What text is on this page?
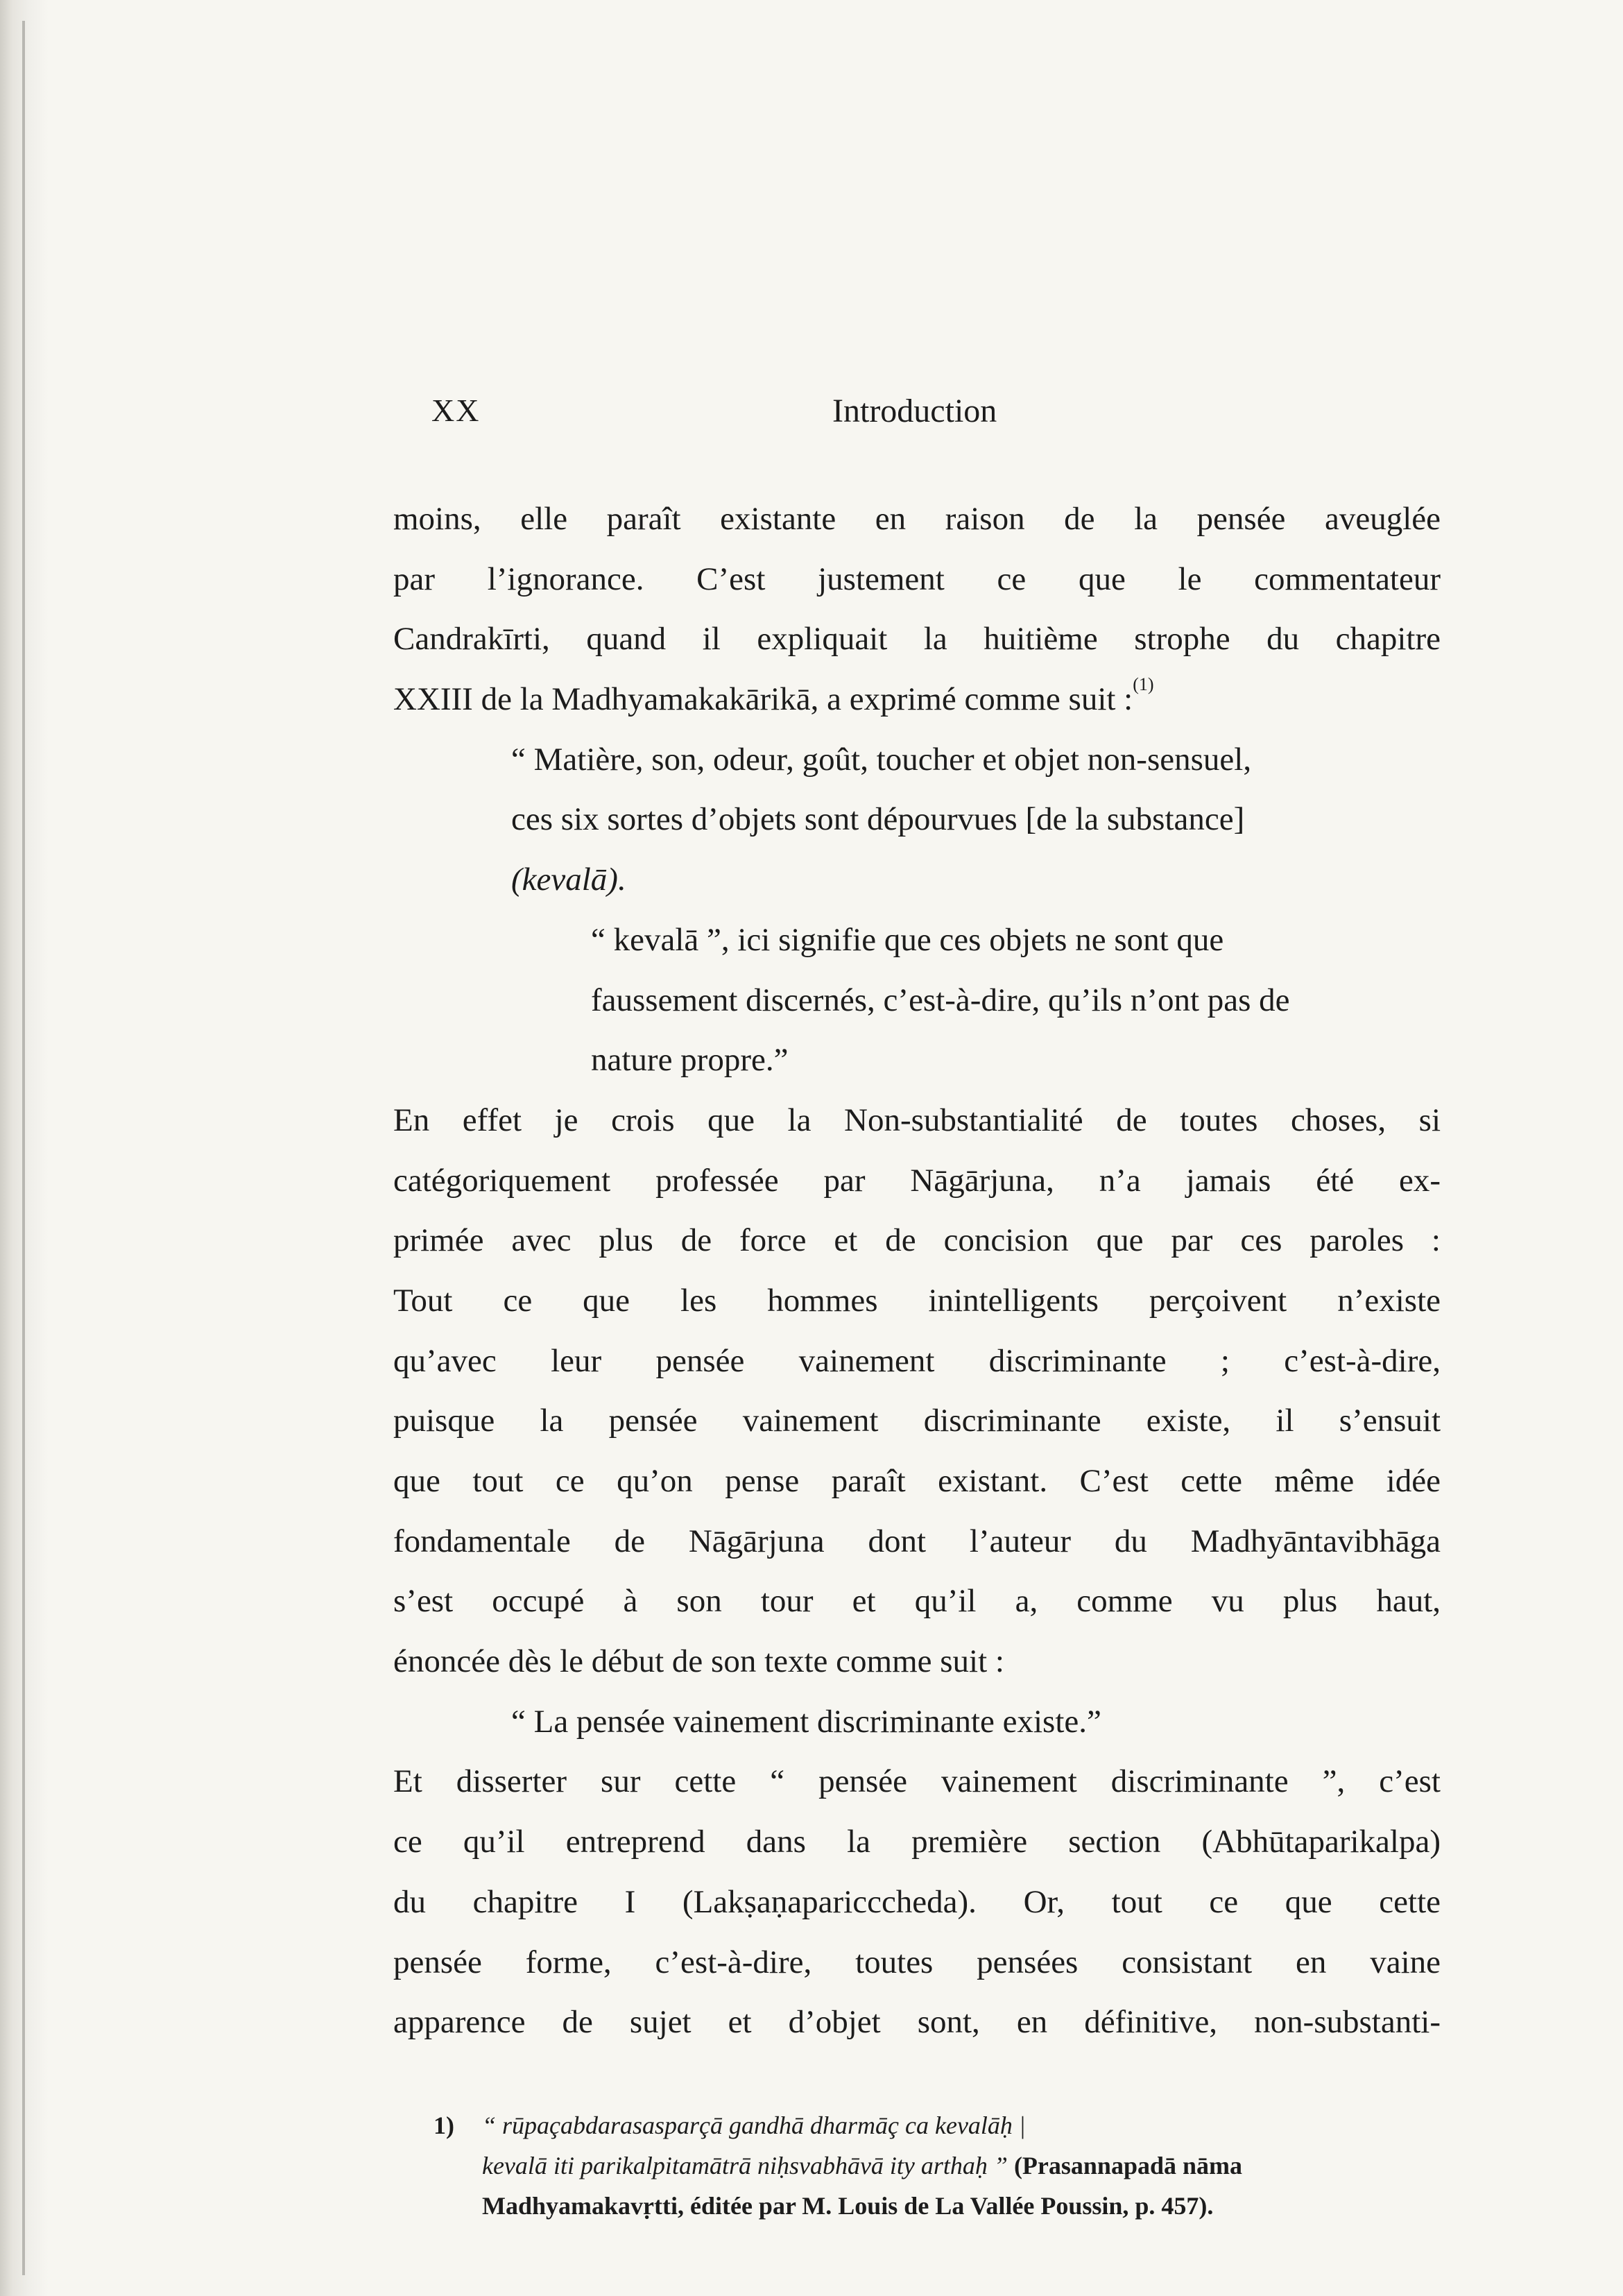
XX	Introduction
moins, elle paraît existante en raison de la pensée aveuglée
par l’ignorance. C’est justement ce que le commentateur
Candrakīrti, quand il expliquait la huitième strophe du chapitre
XXIII de la Madhyamakakārikā, a exprimé comme suit :$^{(1)}$
“ Matière, son, odeur, goût, toucher et objet non-sensuel,
ces six sortes d’objets sont dépourvues [de la substance]
(kevalā).
“ kevalā ”, ici signifie que ces objets ne sont que
faussement discernés, c’est-à-dire, qu’ils n’ont pas de
nature propre.”
En effet je crois que la Non-substantialité de toutes choses, si
catégoriquement professée par Nāgārjuna, n’a jamais été ex-
primée avec plus de force et de concision que par ces paroles :
Tout ce que les hommes inintelligents perçoivent n’existe
qu’avec leur pensée vainement discriminante ; c’est-à-dire,
puisque la pensée vainement discriminante existe, il s’ensuit
que tout ce qu’on pense paraît existant. C’est cette même idée
fondamentale de Nāgārjuna dont l’auteur du Madhyāntavibhāga
s’est occupé à son tour et qu’il a, comme vu plus haut,
énoncée dès le début de son texte comme suit :
“ La pensée vainement discriminante existe.”
Et disserter sur cette “ pensée vainement discriminante ”, c’est
ce qu’il entreprend dans la première section (Abhūtaparikalpa)
du chapitre I (Lakṣaṇaparicccheda). Or, tout ce que cette
pensée forme, c’est-à-dire, toutes pensées consistant en vaine
apparence de sujet et d’objet sont, en définitive, non-substanti-
1) “ rūpaçabdarasasparçā gandhā dharmāç ca kevalāḥ |
kevalā iti parikalpitamātrā niḥsvabhāvā ity arthaḥ ” (Prasannapadā nāma
Madhyamakavṛtti, éditée par M. Louis de La Vallée Poussin, p. 457).
